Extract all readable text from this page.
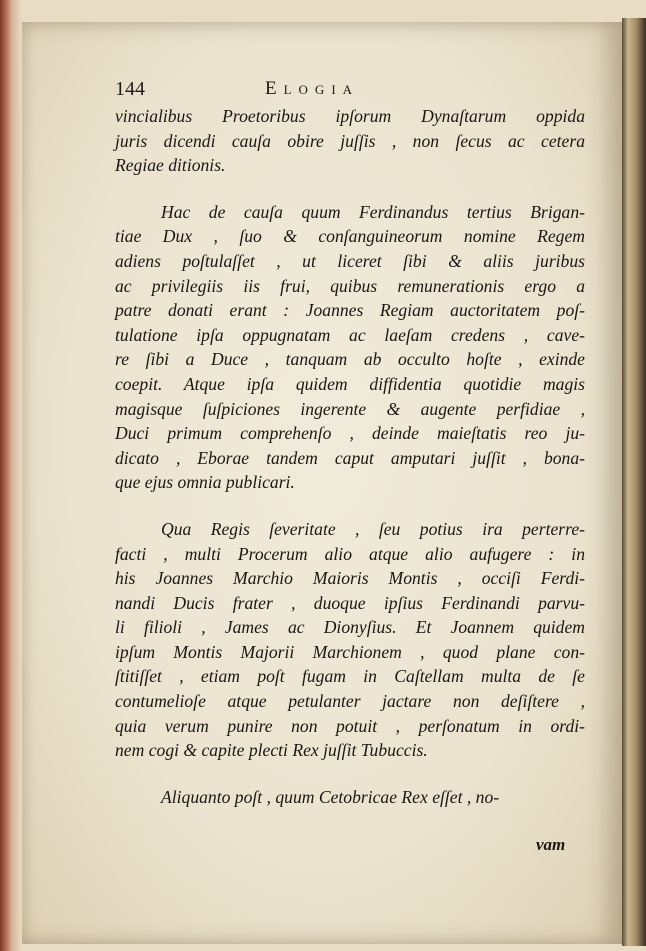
144	Elogia
vincialibus Proetoribus ipſorum Dynaſtarum oppida
juris dicendi cauſa obire juſſis , non ſecus ac cetera
Regiae ditionis.
Hac de cauſa quum Ferdinandus tertius Brigan-
tiae Dux , ſuo & conſanguineorum nomine Regem
adiens poſtulaſſet , ut liceret ſibi & aliis juribus
ac privilegiis iis frui, quibus remunerationis ergo a
patre donati erant : Joannes Regiam auctoritatem poſ-
tulatione ipſa oppugnatam ac laeſam credens , cave-
re ſibi a Duce , tanquam ab occulto hoſte , exinde
coepit. Atque ipſa quidem diffidentia quotidie magis
magisque ſuſpiciones ingerente & augente perfidiae ,
Duci primum comprehenſo , deinde maieſtatis reo ju-
dicato , Eborae tandem caput amputari juſſit , bona-
que ejus omnia publicari.
Qua Regis ſeveritate , ſeu potius ira perterre-
facti , multi Procerum alio atque alio aufugere : in
his Joannes Marchio Maioris Montis , occiſi Ferdi-
nandi Ducis frater , duoque ipſius Ferdinandi parvu-
li filioli , James ac Dionyſius. Et Joannem quidem
ipſum Montis Majorii Marchionem , quod plane con-
ſtitiſſet , etiam poſt fugam in Caſtellam multa de ſe
contumelioſe atque petulanter jactare non deſiſtere ,
quia verum punire non potuit , perſonatum in ordi-
nem cogi & capite plecti Rex juſſit Tubuccis.
Aliquanto poſt , quum Cetobricae Rex eſſet , no-
vam
